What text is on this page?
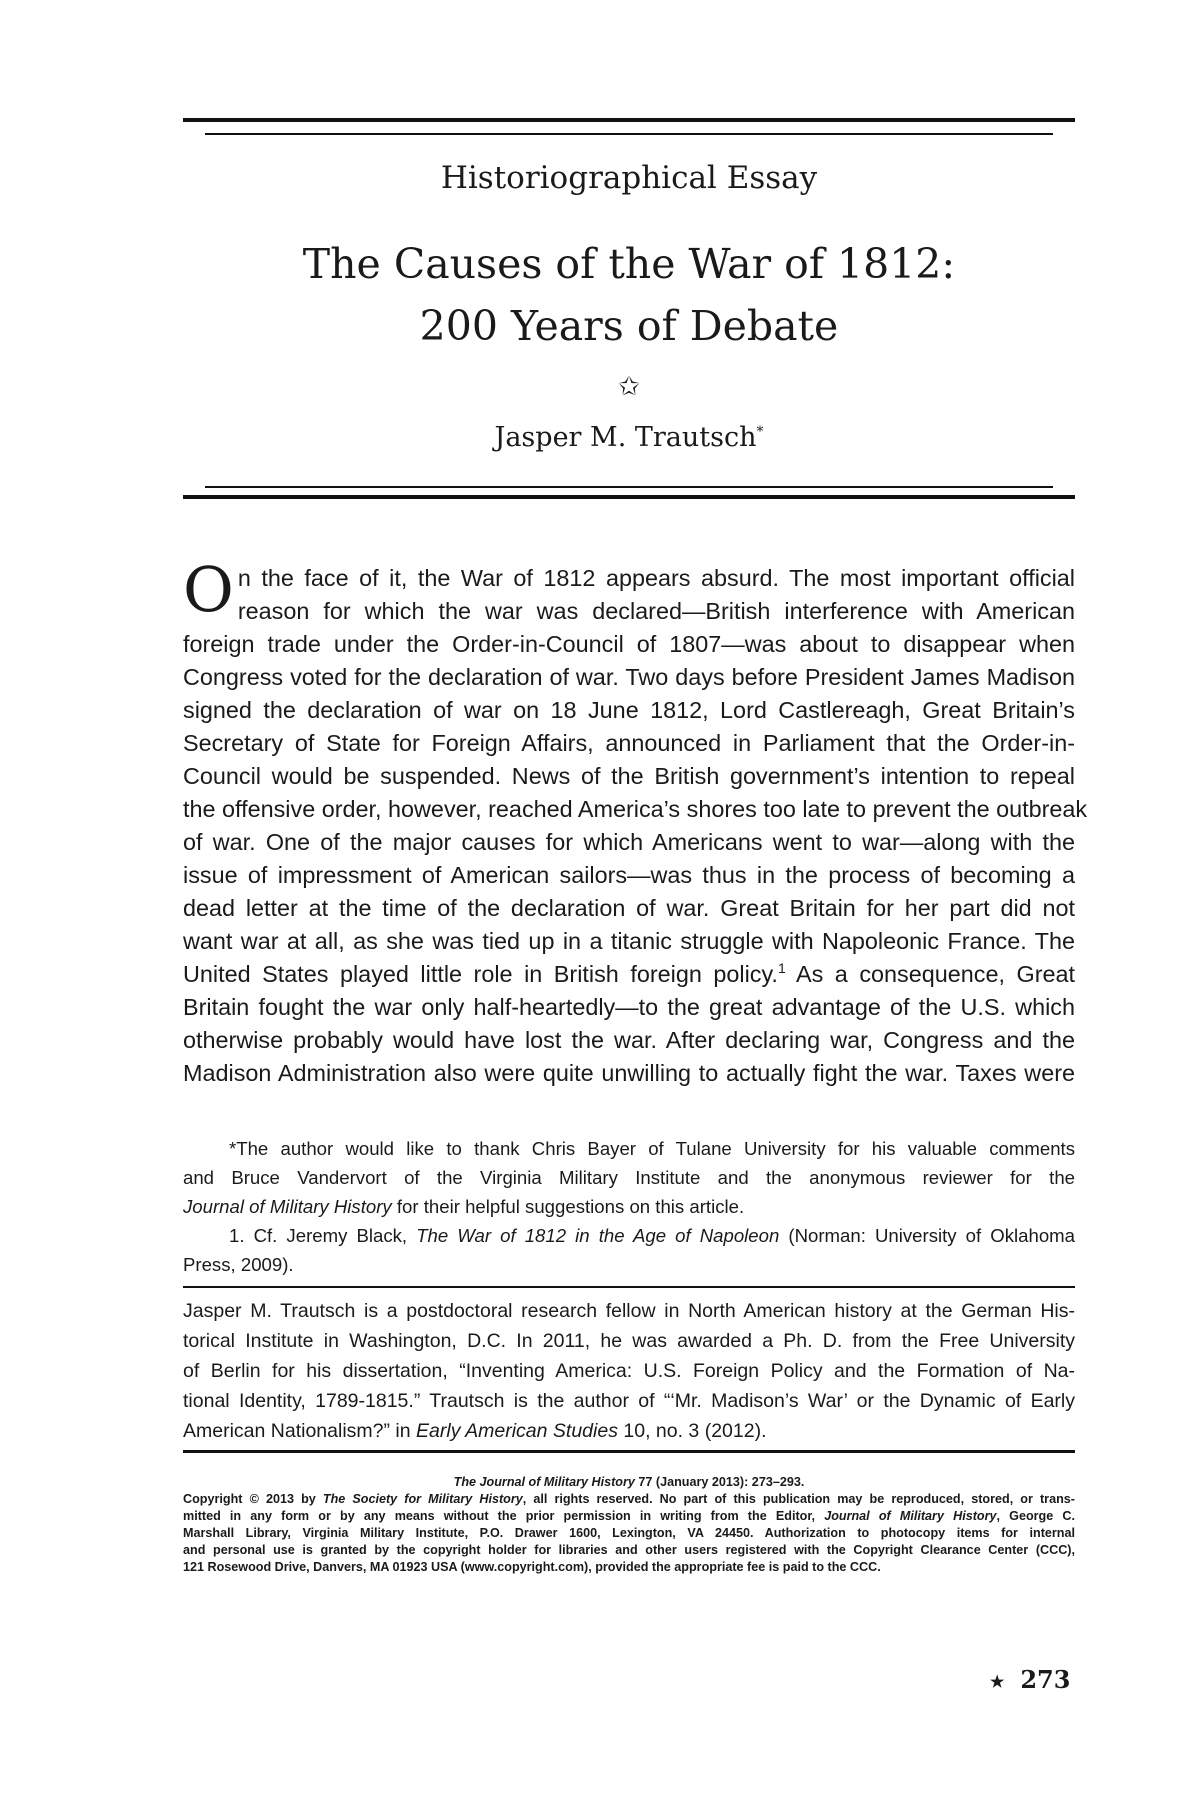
Historiographical Essay
The Causes of the War of 1812:
200 Years of Debate
✩
Jasper M. Trautsch*
O n the face of it, the War of 1812 appears absurd. The most important official
reason for which the war was declared—British interference with American
foreign trade under the Order-in-Council of 1807—was about to disappear when
Congress voted for the declaration of war. Two days before President James Madison
signed the declaration of war on 18 June 1812, Lord Castlereagh, Great Britain’s
Secretary of State for Foreign Affairs, announced in Parliament that the Order-in-
Council would be suspended. News of the British government’s intention to repeal
the offensive order, however, reached America’s shores too late to prevent the outbreak
of war. One of the major causes for which Americans went to war—along with the
issue of impressment of American sailors—was thus in the process of becoming a
dead letter at the time of the declaration of war. Great Britain for her part did not
want war at all, as she was tied up in a titanic struggle with Napoleonic France. The
United States played little role in British foreign policy.$^1$ As a consequence, Great
Britain fought the war only half-heartedly—to the great advantage of the U.S. which
otherwise probably would have lost the war. After declaring war, Congress and the
Madison Administration also were quite unwilling to actually fight the war. Taxes were
*The author would like to thank Chris Bayer of Tulane University for his valuable comments
and Bruce Vandervort of the Virginia Military Institute and the anonymous reviewer for the
Journal of Military History for their helpful suggestions on this article.
1. Cf. Jeremy Black, The War of 1812 in the Age of Napoleon (Norman: University of Oklahoma
Press, 2009).
Jasper M. Trautsch is a postdoctoral research fellow in North American history at the German His-
torical Institute in Washington, D.C. In 2011, he was awarded a Ph. D. from the Free University
of Berlin for his dissertation, “Inventing America: U.S. Foreign Policy and the Formation of Na-
tional Identity, 1789-1815.” Trautsch is the author of “‘Mr. Madison’s War’ or the Dynamic of Early
American Nationalism?” in Early American Studies 10, no. 3 (2012).
The Journal of Military History 77 (January 2013): 273–293.
Copyright © 2013 by The Society for Military History, all rights reserved. No part of this publication may be reproduced, stored, or trans-
mitted in any form or by any means without the prior permission in writing from the Editor, Journal of Military History, George C.
Marshall Library, Virginia Military Institute, P.O. Drawer 1600, Lexington, VA 24450. Authorization to photocopy items for internal
and personal use is granted by the copyright holder for libraries and other users registered with the Copyright Clearance Center (CCC),
121 Rosewood Drive, Danvers, MA 01923 USA (www.copyright.com), provided the appropriate fee is paid to the CCC.
★ 273
